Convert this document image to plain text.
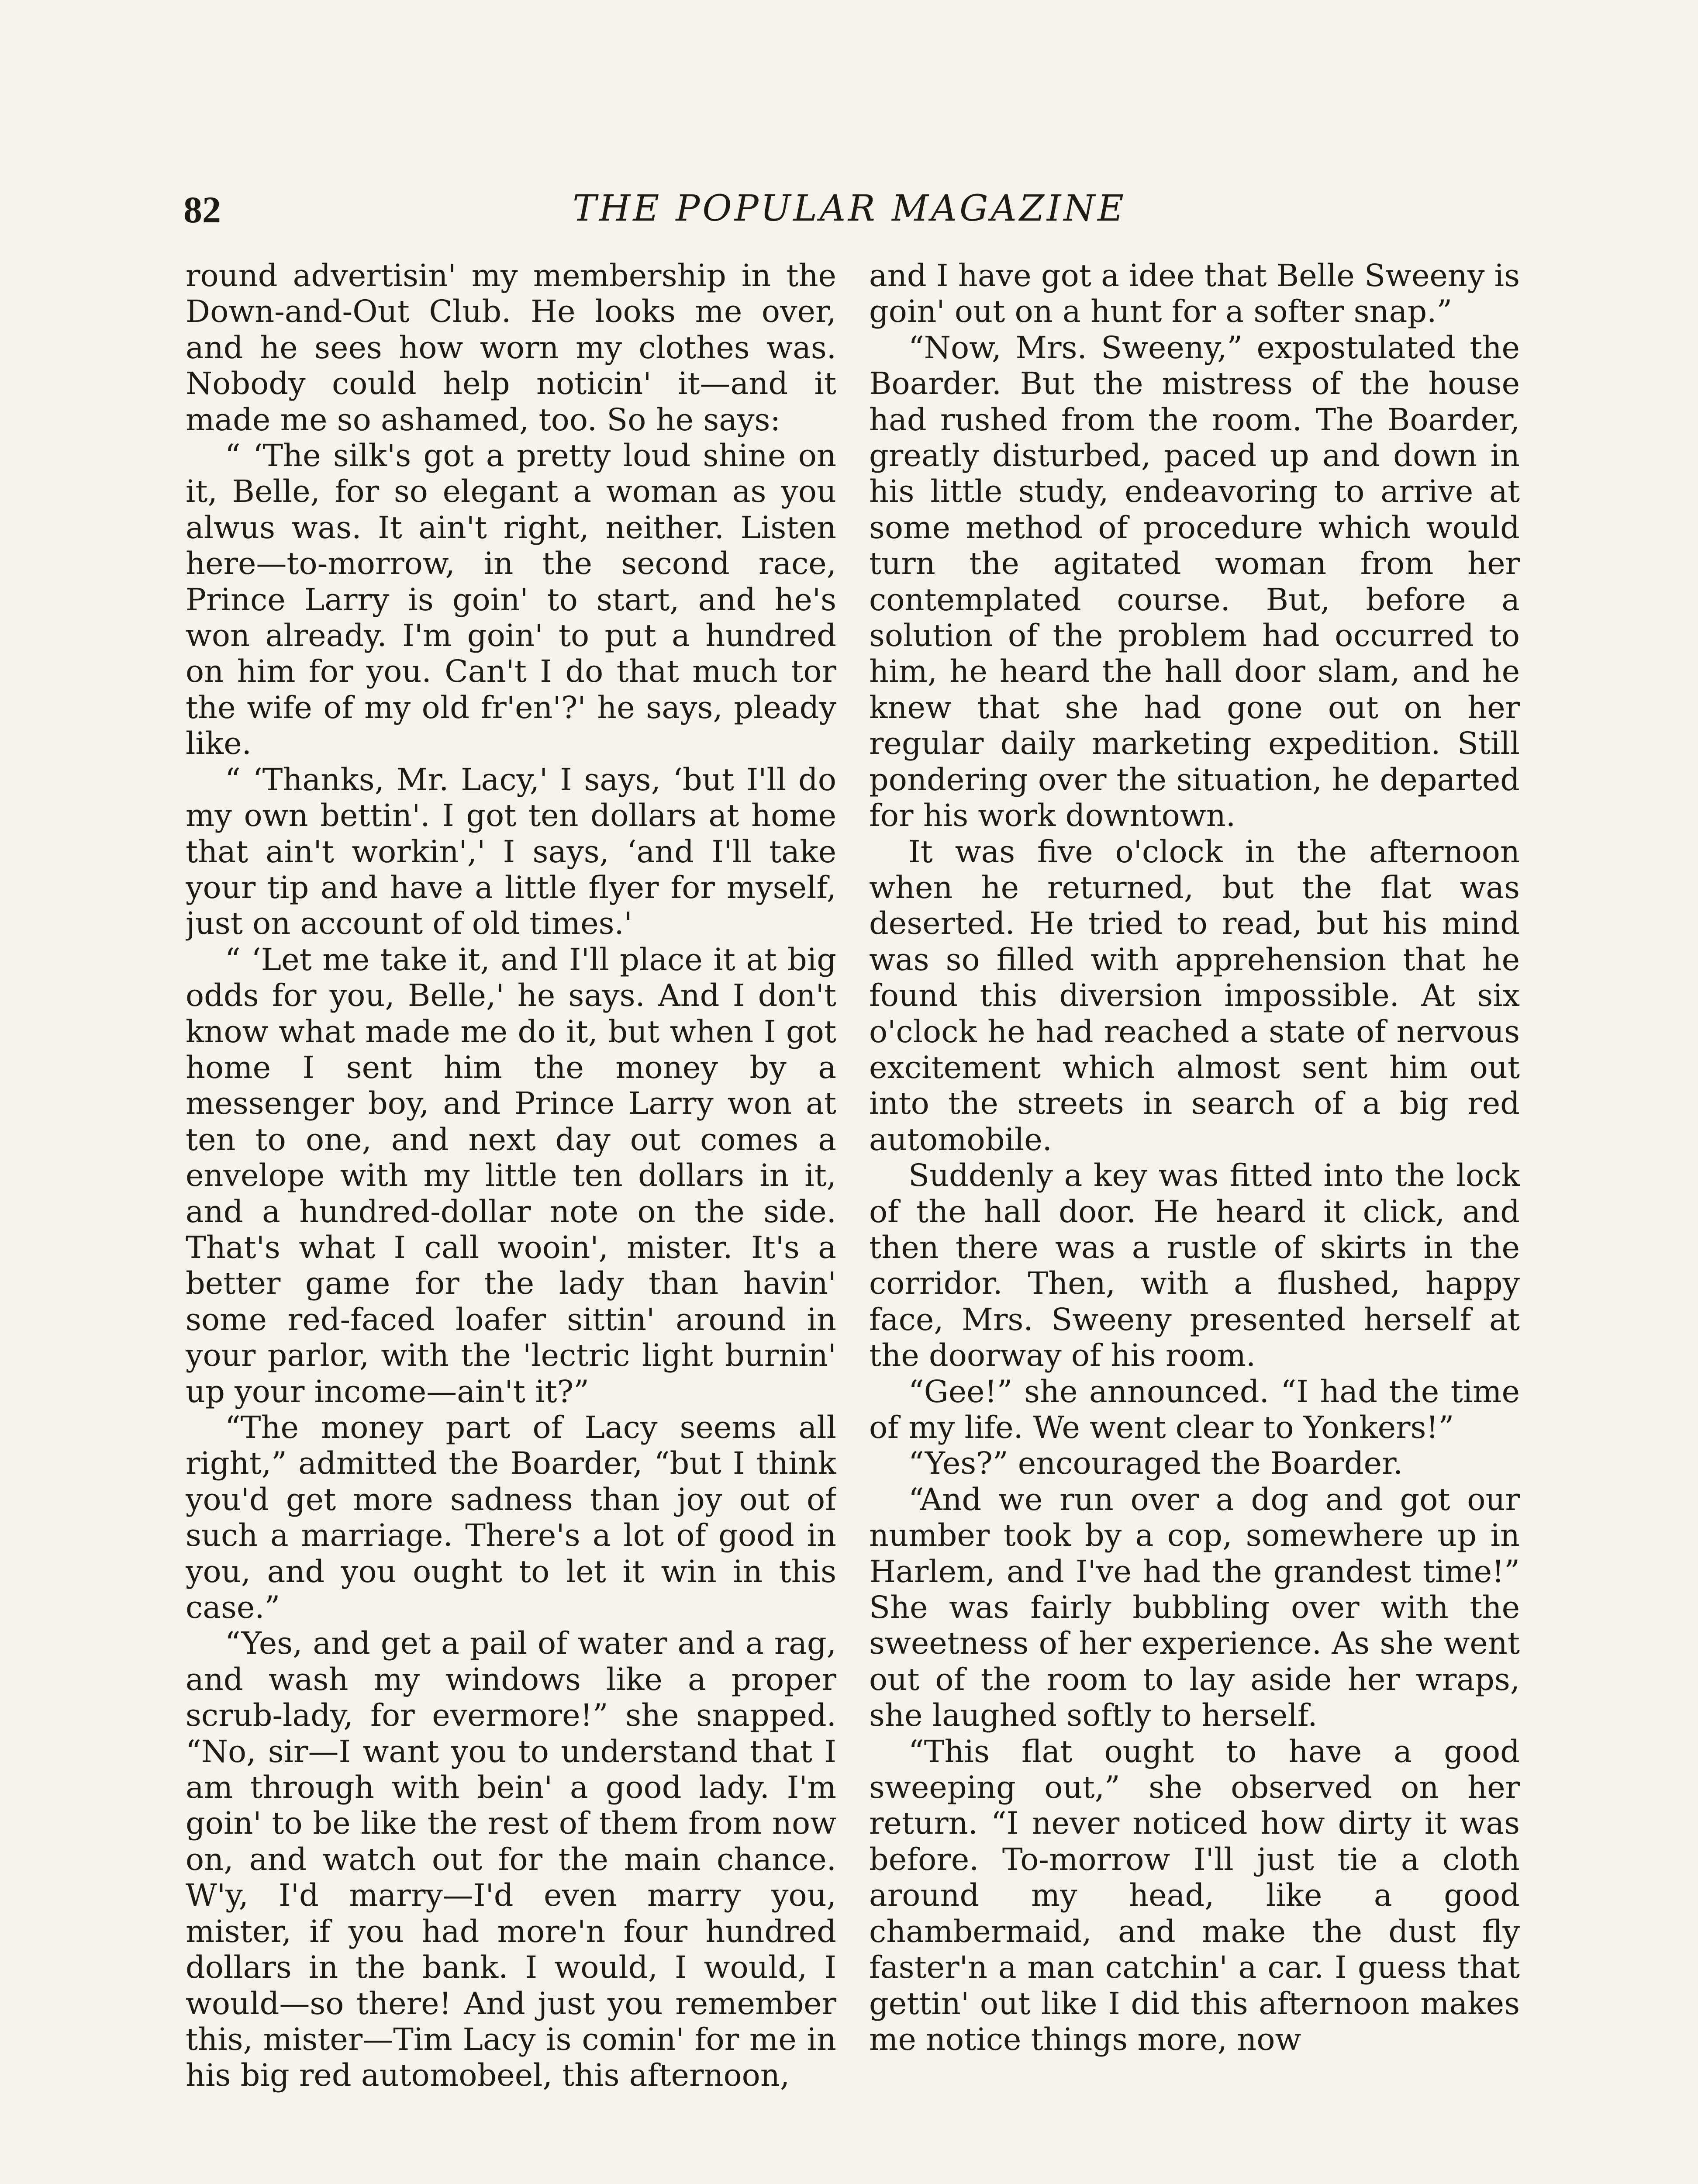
82	THE POPULAR MAGAZINE

round advertisin' my membership in the Down-and-Out Club. He looks me over, and he sees how worn my clothes was. Nobody could help noticin' it—and it made me so ashamed, too. So he says:

“ ‘The silk's got a pretty loud shine on it, Belle, for so elegant a woman as you alwus was. It ain't right, neither. Listen here—to-morrow, in the second race, Prince Larry is goin' to start, and he's won already. I'm goin' to put a hundred on him for you. Can't I do that much tor the wife of my old fr'en'?' he says, pleady like.

“ ‘Thanks, Mr. Lacy,' I says, ‘but I'll do my own bettin'. I got ten dollars at home that ain't workin',' I says, ‘and I'll take your tip and have a little flyer for myself, just on account of old times.'

“ ‘Let me take it, and I'll place it at big odds for you, Belle,' he says. And I don't know what made me do it, but when I got home I sent him the money by a messenger boy, and Prince Larry won at ten to one, and next day out comes a envelope with my little ten dollars in it, and a hundred-dollar note on the side. That's what I call wooin', mister. It's a better game for the lady than havin' some red-faced loafer sittin' around in your parlor, with the 'lectric light burnin' up your income—ain't it?”

“The money part of Lacy seems all right,” admitted the Boarder, “but I think you'd get more sadness than joy out of such a marriage. There's a lot of good in you, and you ought to let it win in this case.”

“Yes, and get a pail of water and a rag, and wash my windows like a proper scrub-lady, for evermore!” she snapped. “No, sir—I want you to understand that I am through with bein' a good lady. I'm goin' to be like the rest of them from now on, and watch out for the main chance. W'y, I'd marry—I'd even marry you, mister, if you had more'n four hundred dollars in the bank. I would, I would, I would—so there! And just you remember this, mister—Tim Lacy is comin' for me in his big red automobeel, this afternoon,

and I have got a idee that Belle Sweeny is goin' out on a hunt for a softer snap.”

“Now, Mrs. Sweeny,” expostulated the Boarder. But the mistress of the house had rushed from the room. The Boarder, greatly disturbed, paced up and down in his little study, endeavoring to arrive at some method of procedure which would turn the agitated woman from her contemplated course. But, before a solution of the problem had occurred to him, he heard the hall door slam, and he knew that she had gone out on her regular daily marketing expedition. Still pondering over the situation, he departed for his work downtown.

It was five o'clock in the afternoon when he returned, but the flat was deserted. He tried to read, but his mind was so filled with apprehension that he found this diversion impossible. At six o'clock he had reached a state of nervous excitement which almost sent him out into the streets in search of a big red automobile.

Suddenly a key was fitted into the lock of the hall door. He heard it click, and then there was a rustle of skirts in the corridor. Then, with a flushed, happy face, Mrs. Sweeny presented herself at the doorway of his room.

“Gee!” she announced. “I had the time of my life. We went clear to Yonkers!”

“Yes?” encouraged the Boarder.

“And we run over a dog and got our number took by a cop, somewhere up in Harlem, and I've had the grandest time!” She was fairly bubbling over with the sweetness of her experience. As she went out of the room to lay aside her wraps, she laughed softly to herself.

“This flat ought to have a good sweeping out,” she observed on her return. “I never noticed how dirty it was before. To-morrow I'll just tie a cloth around my head, like a good chambermaid, and make the dust fly faster'n a man catchin' a car. I guess that gettin' out like I did this afternoon makes me notice things more, now
